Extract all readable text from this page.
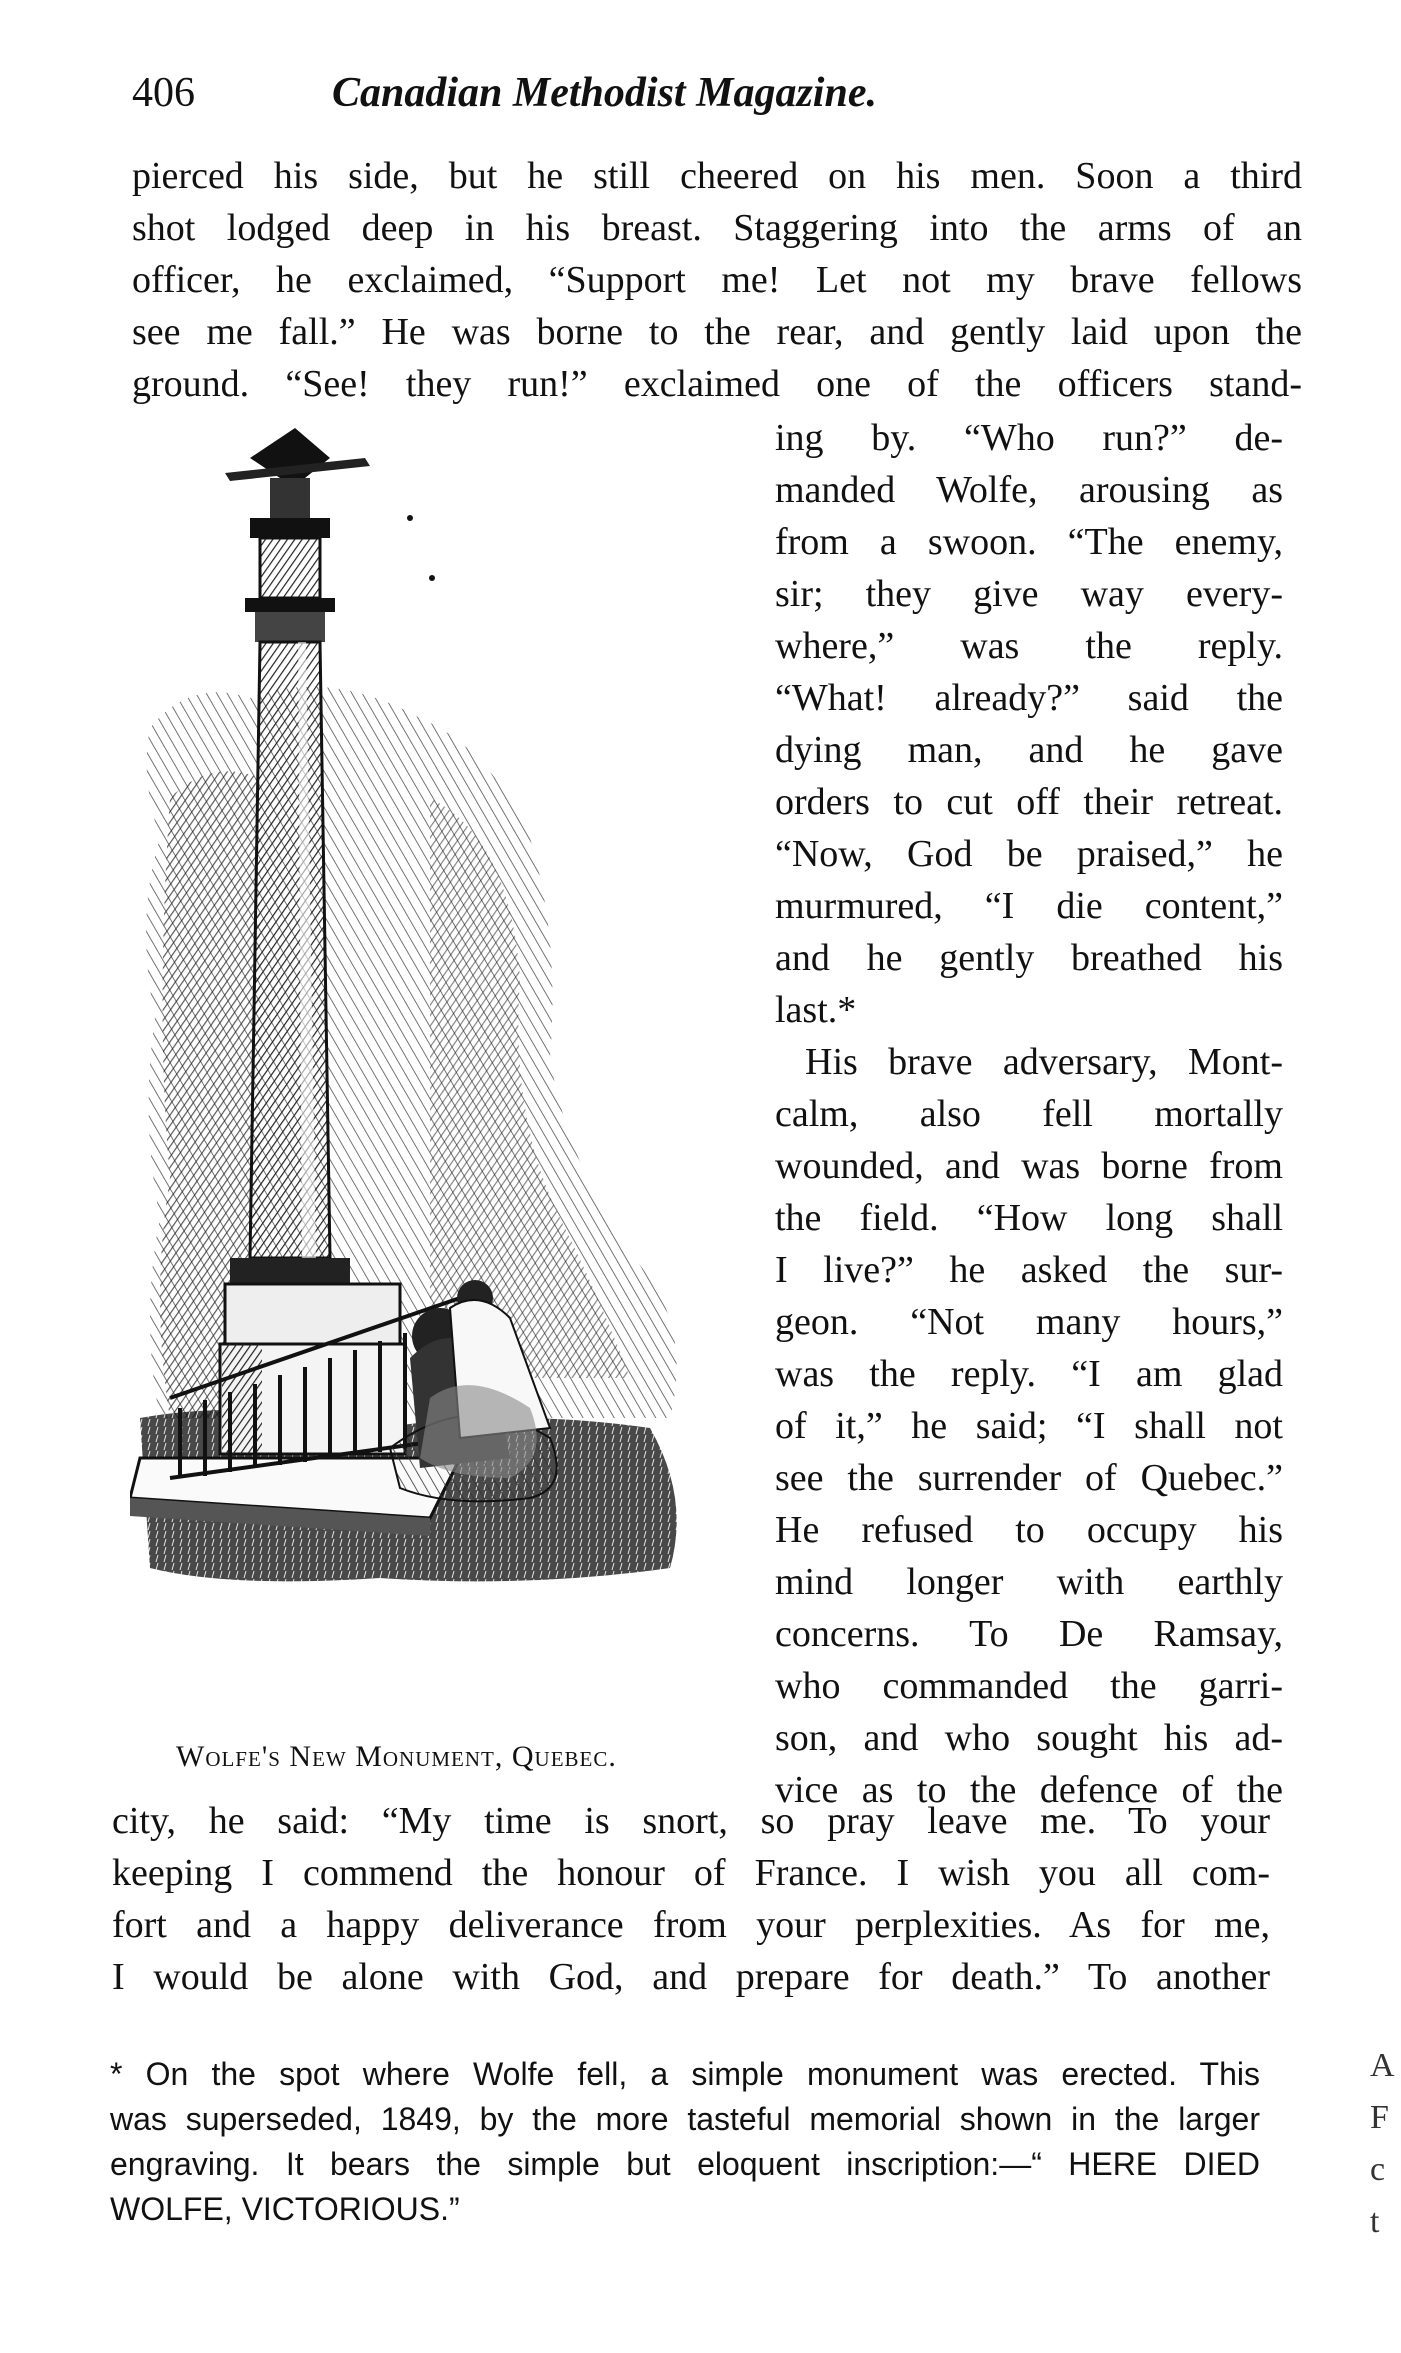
406	Canadian Methodist Magazine.
pierced his side, but he still cheered on his men. Soon a third
shot lodged deep in his breast. Staggering into the arms of an
officer, he exclaimed, “Support me! Let not my brave fellows
see me fall.” He was borne to the rear, and gently laid upon the
ground. “See! they run!” exclaimed one of the officers stand-
Wolfe's New Monument, Quebec.
ing by. “Who run?” de-
manded Wolfe, arousing as
from a swoon. “The enemy,
sir; they give way every-
where,” was the reply.
“What! already?” said the
dying man, and he gave
orders to cut off their retreat.
“Now, God be praised,” he
murmured, “I die content,”
and he gently breathed his
last.*
His brave adversary, Mont-
calm, also fell mortally
wounded, and was borne from
the field. “How long shall
I live?” he asked the sur-
geon. “Not many hours,”
was the reply. “I am glad
of it,” he said; “I shall not
see the surrender of Quebec.”
He refused to occupy his
mind longer with earthly
concerns. To De Ramsay,
who commanded the garri-
son, and who sought his ad-
vice as to the defence of the
city, he said: “My time is snort, so pray leave me. To your
keeping I commend the honour of France. I wish you all com-
fort and a happy deliverance from your perplexities. As for me,
I would be alone with God, and prepare for death.” To another
* On the spot where Wolfe fell, a simple monument was erected. This
was superseded, 1849, by the more tasteful memorial shown in the larger
engraving. It bears the simple but eloquent inscription:—“ HERE DIED
WOLFE, VICTORIOUS.”
A
F
c
t
